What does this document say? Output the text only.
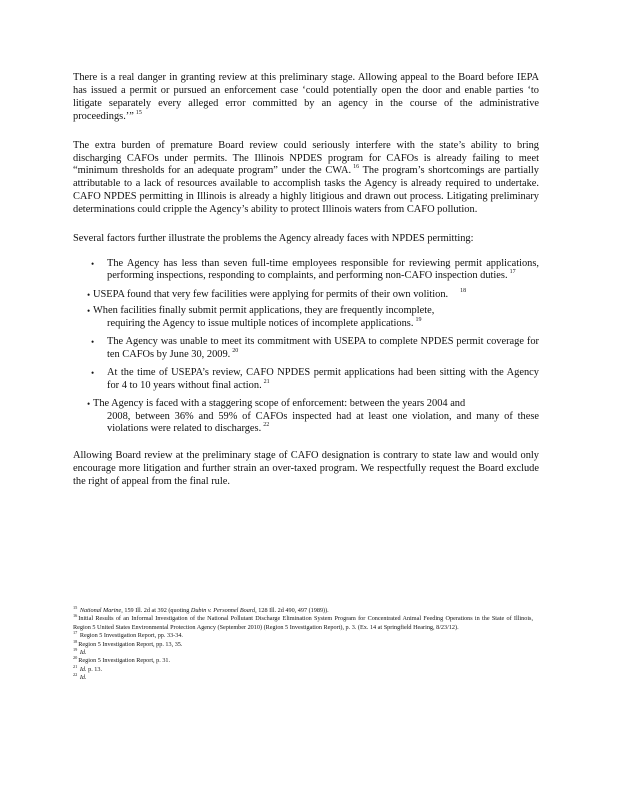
There is a real danger in granting review at this preliminary stage. Allowing appeal to the Board before IEPA has issued a permit or pursued an enforcement case ‘could potentially open the door and enable parties ‘to litigate separately every alleged error committed by an agency in the course of the administrative proceedings.’” $^{15}$

The extra burden of premature Board review could seriously interfere with the state’s ability to bring discharging CAFOs under permits. The Illinois NPDES program for CAFOs is already failing to meet “minimum thresholds for an adequate program” under the CWA. $^{16}$ The program’s shortcomings are partially attributable to a lack of resources available to accomplish tasks the Agency is already required to undertake. CAFO NPDES permitting in Illinois is already a highly litigious and drawn out process. Litigating preliminary determinations could cripple the Agency’s ability to protect Illinois waters from CAFO pollution.

Several factors further illustrate the problems the Agency already faces with NPDES permitting:

•	The Agency has less than seven full-time employees responsible for reviewing permit applications, performing inspections, responding to complaints, and performing non-CAFO inspection duties. $^{17}$
• USEPA found that very few facilities were applying for permits of their own volition. $^{18}$
• When facilities finally submit permit applications, they are frequently incomplete,
requiring the Agency to issue multiple notices of incomplete applications. $^{19}$
•	The Agency was unable to meet its commitment with USEPA to complete NPDES permit coverage for ten CAFOs by June 30, 2009. $^{20}$
•	At the time of USEPA’s review, CAFO NPDES permit applications had been sitting with the Agency for 4 to 10 years without final action. $^{21}$
• The Agency is faced with a staggering scope of enforcement: between the years 2004 and
2008, between 36% and 59% of CAFOs inspected had at least one violation, and many of these violations were related to discharges. $^{22}$

Allowing Board review at the preliminary stage of CAFO designation is contrary to state law and would only encourage more litigation and further strain an over-taxed program. We respectfully request the Board exclude the right of appeal from the final rule.

$^{15}$ National Marine, 159 Ill. 2d at 392 (quoting Dubin v. Personnel Board, 128 Ill. 2d 490, 497 (1989)).

$^{16}$Initial Results of an Informal Investigation of the National Pollutant Discharge Elimination System Program for Concentrated Animal Feeding Operations in the State of Illinois, Region 5 United States Environmental Protection Agency (September 2010) (Region 5 Investigation Report), p. 3. (Ex. 14 at Springfield Hearing, 8/23/12).

$^{17}$ Region 5 Investigation Report, pp. 33-34.

$^{18}$Region 5 Investigation Report, pp. 13, 35.

$^{19}$ Id.

$^{20}$Region 5 Investigation Report, p. 31.

$^{21}$ Id. p. 13.

$^{22}$ Id.
